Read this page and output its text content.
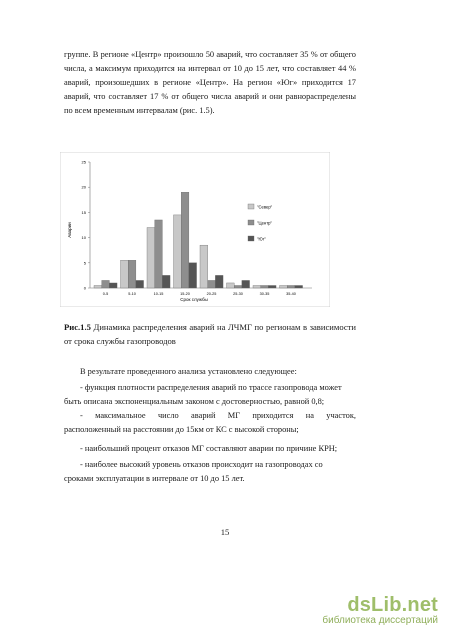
группе. В регионе «Центр» произошло 50 аварий, что составляет 35 % от общего числа, а максимум приходится на интервал от 10 до 15 лет, что составляет 44 % аварий, произошедших в регионе «Центр». На регион «Юг» приходится 17 аварий, что составляет 17 % от общего числа аварий и они равнораспределены по всем временным интервалам (рис. 1.5).

Аварии
Срок службы
0
5
10
15
20
25
0-5	5-10	10-15	15-20	20-25	25-30	30-35	35-40
"Север"
"Центр"
"Юг"
Рис.1.5 Динамика распределения аварий на ЛЧМГ по регионам в зависимости от срока службы газопроводов
В результате проведенного анализа установлено следующее:
- функция плотности распределения аварий по трассе газопровода может
быть описана экспоненциальным законом с достоверностью, равной 0,8;
- максимальное число аварий МГ приходится на участок,
расположенный на расстоянии до 15км от КС с высокой стороны;
- наибольший процент отказов МГ составляют аварии по причине КРН;
- наиболее высокий уровень отказов происходит на газопроводах со
сроками эксплуатации в интервале от 10 до 15 лет.
15
dsLib.net
библиотека диссертаций
